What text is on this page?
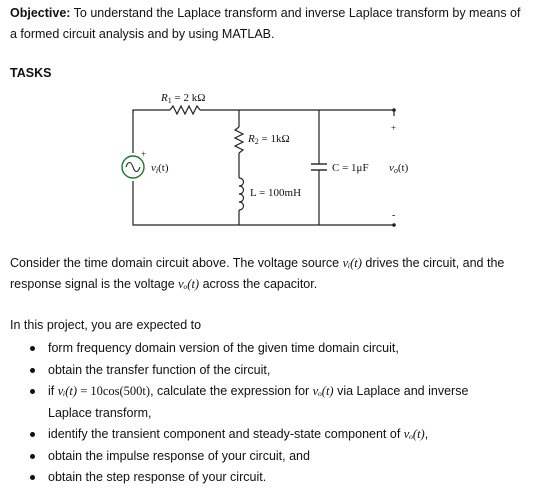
Objective: To understand the Laplace transform and inverse Laplace transform by means of
a formed circuit analysis and by using MATLAB.
TASKS
R1 = 2 kΩ
R2 = 1kΩ
L = 100mH
C = 1μF
vi(t)	vo(t)
+
+
-
Consider the time domain circuit above. The voltage source vᵢ(t) drives the circuit, and the
response signal is the voltage vₒ(t) across the capacitor.
In this project, you are expected to
form frequency domain version of the given time domain circuit,
obtain the transfer function of the circuit,
if vᵢ(t) = 10cos(500t), calculate the expression for vₒ(t) via Laplace and inverse
Laplace transform,
identify the transient component and steady-state component of vₒ(t),
obtain the impulse response of your circuit, and
obtain the step response of your circuit.
